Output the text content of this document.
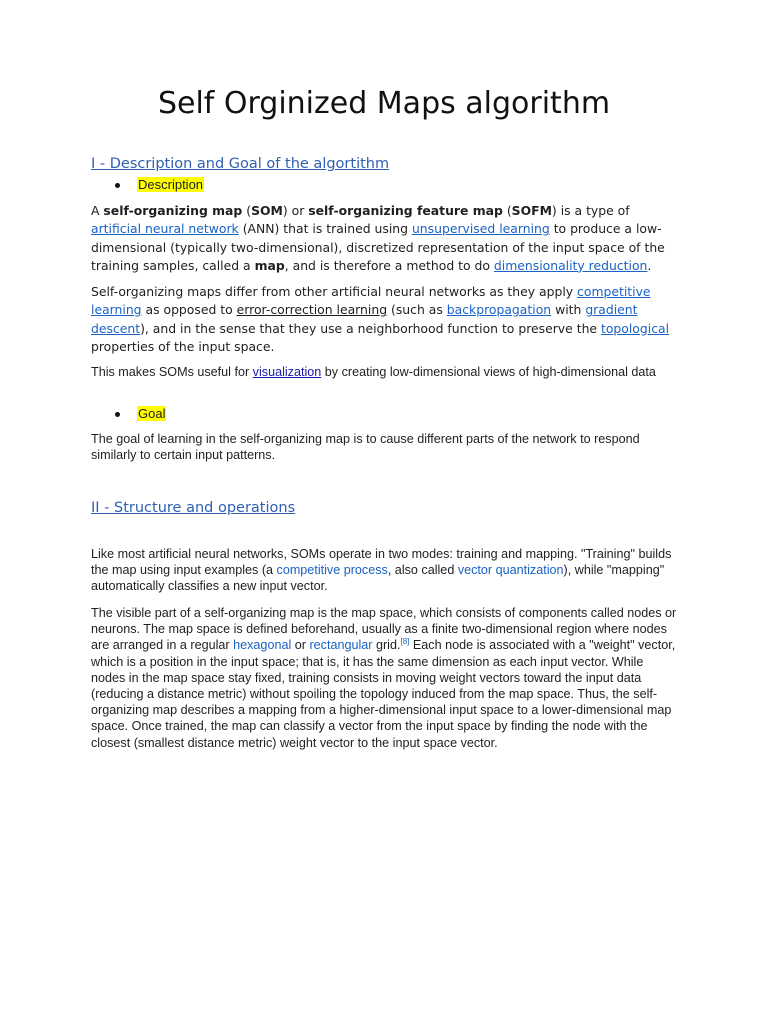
Self Orginized Maps algorithm
I - Description and Goal of the algortithm
Description

A self-organizing map (SOM) or self-organizing feature map (SOFM) is a type of artificial neural network (ANN) that is trained using unsupervised learning to produce a low-dimensional (typically two-dimensional), discretized representation of the input space of the training samples, called a map, and is therefore a method to do dimensionality reduction.

Self-organizing maps differ from other artificial neural networks as they apply competitive learning as opposed to error-correction learning (such as backpropagation with gradient descent), and in the sense that they use a neighborhood function to preserve the topological properties of the input space.

This makes SOMs useful for visualization by creating low-dimensional views of high-dimensional data

Goal

The goal of learning in the self-organizing map is to cause different parts of the network to respond similarly to certain input patterns.

II - Structure and operations

Like most artificial neural networks, SOMs operate in two modes: training and mapping. "Training" builds the map using input examples (a competitive process, also called vector quantization), while "mapping" automatically classifies a new input vector.

The visible part of a self-organizing map is the map space, which consists of components called nodes or neurons. The map space is defined beforehand, usually as a finite two-dimensional region where nodes are arranged in a regular hexagonal or rectangular grid.[8] Each node is associated with a "weight" vector, which is a position in the input space; that is, it has the same dimension as each input vector. While nodes in the map space stay fixed, training consists in moving weight vectors toward the input data (reducing a distance metric) without spoiling the topology induced from the map space. Thus, the self-organizing map describes a mapping from a higher-dimensional input space to a lower-dimensional map space. Once trained, the map can classify a vector from the input space by finding the node with the closest (smallest distance metric) weight vector to the input space vector.
